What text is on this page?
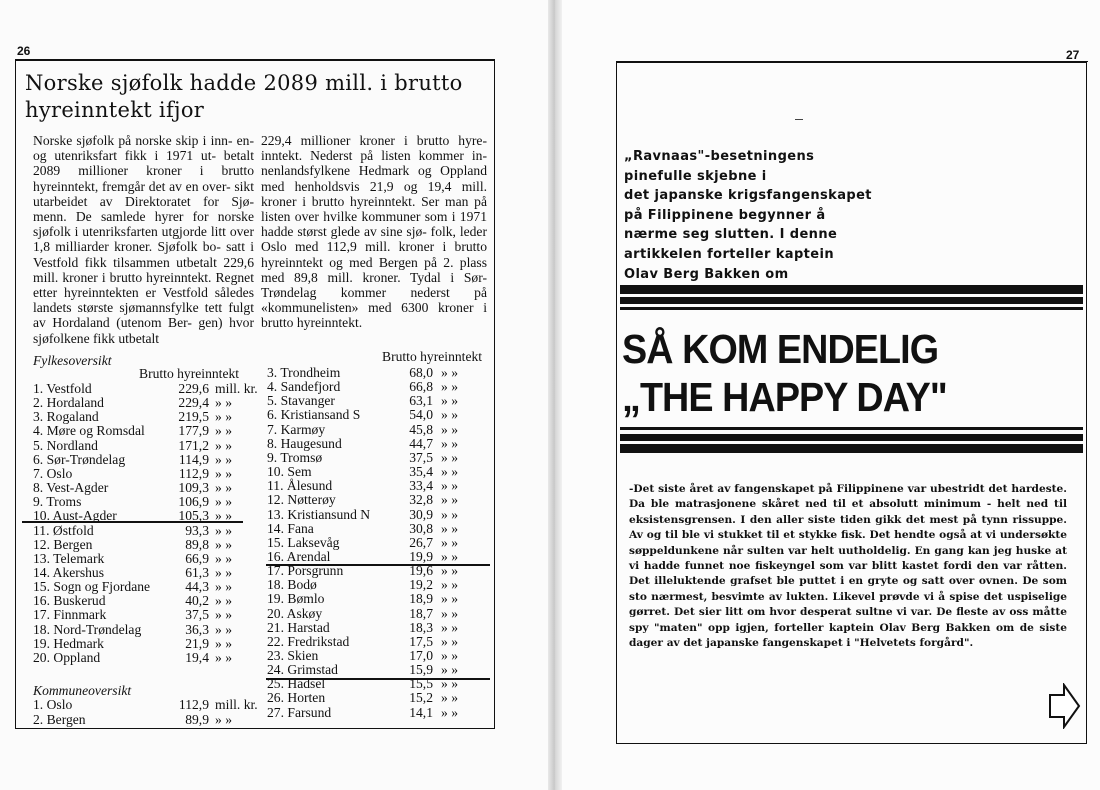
26
Norske sjøfolk hadde 2089 mill. i brutto hyreinntekt ifjor

Norske sjøfolk på norske skip i inn- en- og utenriksfart fikk i 1971 ut- betalt 2089 millioner kroner i brutto hyreinntekt, fremgår det av en over- sikt utarbeidet av Direktoratet for Sjø- menn. De samlede hyrer for norske sjøfolk i utenriksfarten utgjorde litt over 1,8 milliarder kroner. Sjøfolk bo- satt i Vestfold fikk tilsammen utbetalt 229,6 mill. kroner i brutto hyreinntekt. Regnet etter hyreinntekten er Vestfold således landets største sjømannsfylke tett fulgt av Hordaland (utenom Ber- gen) hvor sjøfolkene fikk utbetalt

229,4 millioner kroner i brutto hyre- inntekt. Nederst på listen kommer in- nenlandsfylkene Hedmark og Oppland med henholdsvis 21,9 og 19,4 mill. kroner i brutto hyreinntekt. Ser man på listen over hvilke kommuner som i 1971 hadde størst glede av sine sjø- folk, leder Oslo med 112,9 mill. kroner i brutto hyreinntekt og med Bergen på 2. plass med 89,8 mill. kroner. Tydal i Sør-Trøndelag kommer nederst på «kommunelisten» med 6300 kroner i brutto hyreinntekt.

Fylkesoversikt	Brutto hyreinntekt
Brutto hyreinntekt
1. Vestfold	229,6 mill. kr.
2. Hordaland	229,4 » »
3. Rogaland	219,5 » »
4. Møre og Romsdal 177,9 » »
5. Nordland	171,2 » »
6. Sør-Trøndelag	114,9 » »
7. Oslo	112,9 » »
8. Vest-Agder	109,3 » »
9. Troms	106,9 » »
10. Aust-Agder	105,3 » »
11. Østfold	93,3 » »
12. Bergen	89,8 » »
13. Telemark	66,9 » »
14. Akershus	61,3 » »
15. Sogn og Fjordane	44,3 » »
16. Buskerud	40,2 » »
17. Finnmark	37,5 » »
18. Nord-Trøndelag	36,3 » »
19. Hedmark	21,9 » »
20. Oppland	19,4 » »
3. Trondheim	68,0 » »
4. Sandefjord	66,8 » »
5. Stavanger	63,1 » »
6. Kristiansand S	54,0 » »
7. Karmøy	45,8 » »
8. Haugesund	44,7 » »
9. Tromsø	37,5 » »
10. Sem	35,4 » »
11. Ålesund	33,4 » »
12. Nøtterøy	32,8 » »
13. Kristiansund N	30,9 » »
14. Fana	30,8 » »
15. Laksevåg	26,7 » »
16. Arendal	19,9 » »
17. Porsgrunn	19,6 » »
18. Bodø	19,2 » »
19. Bømlo	18,9 » »
20. Askøy	18,7 » »
21. Harstad	18,3 » »
22. Fredrikstad	17,5 » »
23. Skien	17,0 » »
24. Grimstad	15,9 » »
25. Hadsel	15,5 » »
26. Horten	15,2 » »
27. Farsund	14,1 » »
Kommuneoversikt
1. Oslo	112,9 mill. kr.
2. Bergen	89,9 » »
27
„Ravnaas"-besetningens
pinefulle skjebne i
det japanske krigsfangenskapet
på Filippinene begynner å
nærme seg slutten. I denne
artikkelen forteller kaptein
Olav Berg Bakken om
SÅ KOM ENDELIG
„THE HAPPY DAY"

-Det siste året av fangenskapet på Filippinene var ubestridt det hardeste. Da ble matrasjonene skåret ned til et absolutt minimum - helt ned til eksistensgrensen. I den aller siste tiden gikk det mest på tynn rissuppe. Av og til ble vi stukket til et stykke fisk. Det hendte også at vi undersøkte søppeldunkene når sulten var helt uutholdelig. En gang kan jeg huske at vi hadde funnet noe fiskeyngel som var blitt kastet fordi den var råtten. Det illeluktende grafset ble puttet i en gryte og satt over ovnen. De som sto nærmest, besvimte av lukten. Likevel prøvde vi å spise det uspiselige gørret. Det sier litt om hvor desperat sultne vi var. De fleste av oss måtte spy "maten" opp igjen, forteller kaptein Olav Berg Bakken om de siste dager av det japanske fangenskapet i "Helvetets forgård".
